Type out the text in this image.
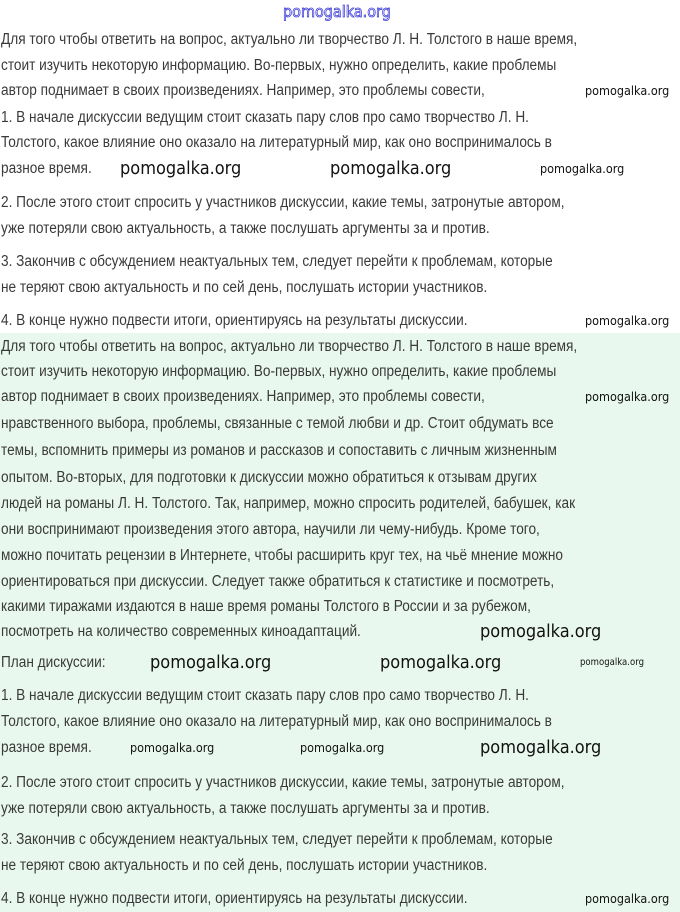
Для того чтобы ответить на вопрос, актуально ли творчество Л. Н. Толстого в наше время,
стоит изучить некоторую информацию. Во-первых, нужно определить, какие проблемы
автор поднимает в своих произведениях. Например, это проблемы совести,
1. В начале дискуссии ведущим стоит сказать пару слов про само творчество Л. Н.
Толстого, какое влияние оно оказало на литературный мир, как оно воспринималось в
разное время.
2. После этого стоит спросить у участников дискуссии, какие темы, затронутые автором,
уже потеряли свою актуальность, а также послушать аргументы за и против.
3. Закончив с обсуждением неактуальных тем, следует перейти к проблемам, которые
не теряют свою актуальность и по сей день, послушать истории участников.
4. В конце нужно подвести итоги, ориентируясь на результаты дискуссии.
Для того чтобы ответить на вопрос, актуально ли творчество Л. Н. Толстого в наше время,
стоит изучить некоторую информацию. Во-первых, нужно определить, какие проблемы
автор поднимает в своих произведениях. Например, это проблемы совести,
нравственного выбора, проблемы, связанные с темой любви и др. Стоит обдумать все
темы, вспомнить примеры из романов и рассказов и сопоставить с личным жизненным
опытом. Во-вторых, для подготовки к дискуссии можно обратиться к отзывам других
людей на романы Л. Н. Толстого. Так, например, можно спросить родителей, бабушек, как
они воспринимают произведения этого автора, научили ли чему-нибудь. Кроме того,
можно почитать рецензии в Интернете, чтобы расширить круг тех, на чьё мнение можно
ориентироваться при дискуссии. Следует также обратиться к статистике и посмотреть,
какими тиражами издаются в наше время романы Толстого в России и за рубежом,
посмотреть на количество современных киноадаптаций.
План дискуссии:
1. В начале дискуссии ведущим стоит сказать пару слов про само творчество Л. Н.
Толстого, какое влияние оно оказало на литературный мир, как оно воспринималось в
разное время.
2. После этого стоит спросить у участников дискуссии, какие темы, затронутые автором,
уже потеряли свою актуальность, а также послушать аргументы за и против.
3. Закончив с обсуждением неактуальных тем, следует перейти к проблемам, которые
не теряют свою актуальность и по сей день, послушать истории участников.
4. В конце нужно подвести итоги, ориентируясь на результаты дискуссии.
pomogalka.org
pomogalka.org	pomogalka.org	pomogalka.org
pomogalka.org
pomogalka.org
pomogalka.org
pomogalka.org
pomogalka.org	pomogalka.org	pomogalka.org
pomogalka.org	pomogalka.org	pomogalka.org
pomogalka.org
